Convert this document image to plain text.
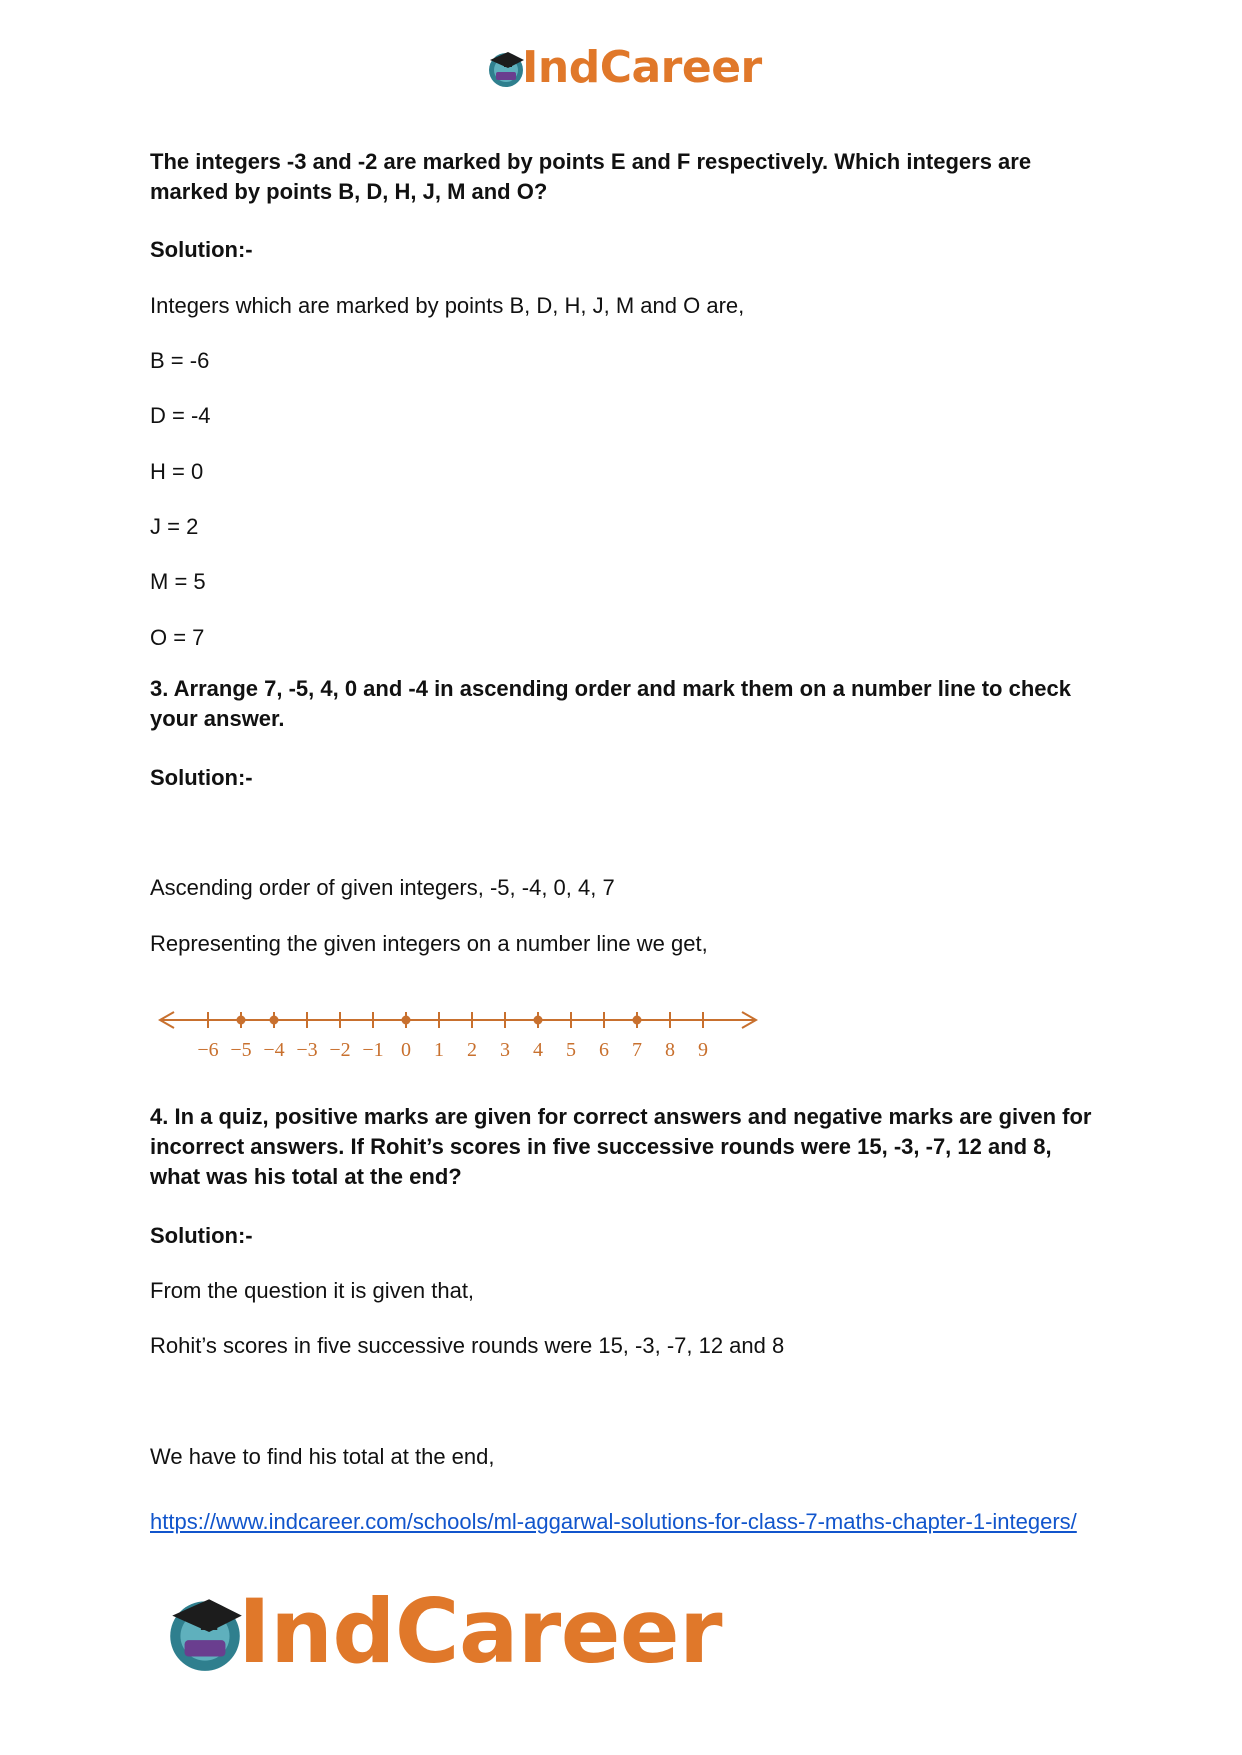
IndCareer

The integers -3 and -2 are marked by points E and F respectively. Which integers are marked by points B, D, H, J, M and O?

Solution:-

Integers which are marked by points B, D, H, J, M and O are,

B = -6

D = -4

H = 0

J = 2

M = 5

O = 7

3. Arrange 7, -5, 4, 0 and -4 in ascending order and mark them on a number line to check your answer.

Solution:-

Ascending order of given integers, -5, -4, 0, 4, 7

Representing the given integers on a number line we get,

4. In a quiz, positive marks are given for correct answers and negative marks are given for incorrect answers. If Rohit’s scores in five successive rounds were 15, -3, -7, 12 and 8, what was his total at the end?

Solution:-

From the question it is given that,

Rohit’s scores in five successive rounds were 15, -3, -7, 12 and 8

We have to find his total at the end,

https://www.indcareer.com/schools/ml-aggarwal-solutions-for-class-7-maths-chapter-1-integers/

−6 −5 −4 −3 −2 −1 0 1 2 3 4 5 6 7 8 9
IndCareer
